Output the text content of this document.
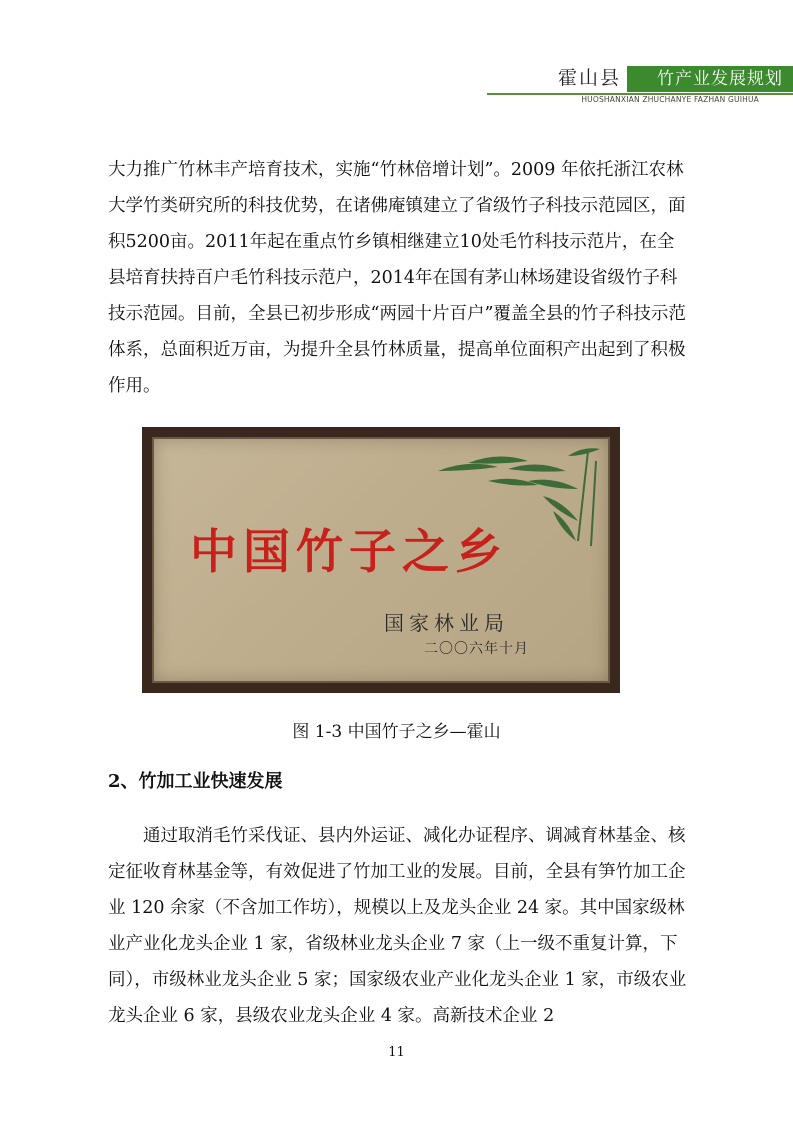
霍山县 竹产业发展规划
HUOSHANXIAN ZHUCHANYE FAZHAN GUIHUA

大力推广竹林丰产培育技术，实施“竹林倍增计划”。2009 年依托浙江农林大学竹类研究所的科技优势，在诸佛庵镇建立了省级竹子科技示范园区，面积5200亩。2011年起在重点竹乡镇相继建立10处毛竹科技示范片，在全县培育扶持百户毛竹科技示范户，2014年在国有茅山林场建设省级竹子科技示范园。目前，全县已初步形成“两园十片百户”覆盖全县的竹子科技示范体系，总面积近万亩，为提升全县竹林质量，提高单位面积产出起到了积极作用。

中国竹子之乡
国家林业局
二〇〇六年十月
图 1-3 中国竹子之乡—霍山
2、竹加工业快速发展

通过取消毛竹采伐证、县内外运证、减化办证程序、调减育林基金、核定征收育林基金等，有效促进了竹加工业的发展。目前，全县有笋竹加工企业 120 余家（不含加工作坊），规模以上及龙头企业 24 家。其中国家级林业产业化龙头企业 1 家，省级林业龙头企业 7 家（上一级不重复计算，下同），市级林业龙头企业 5 家；国家级农业产业化龙头企业 1 家，市级农业龙头企业 6 家，县级农业龙头企业 4 家。高新技术企业 2

11
